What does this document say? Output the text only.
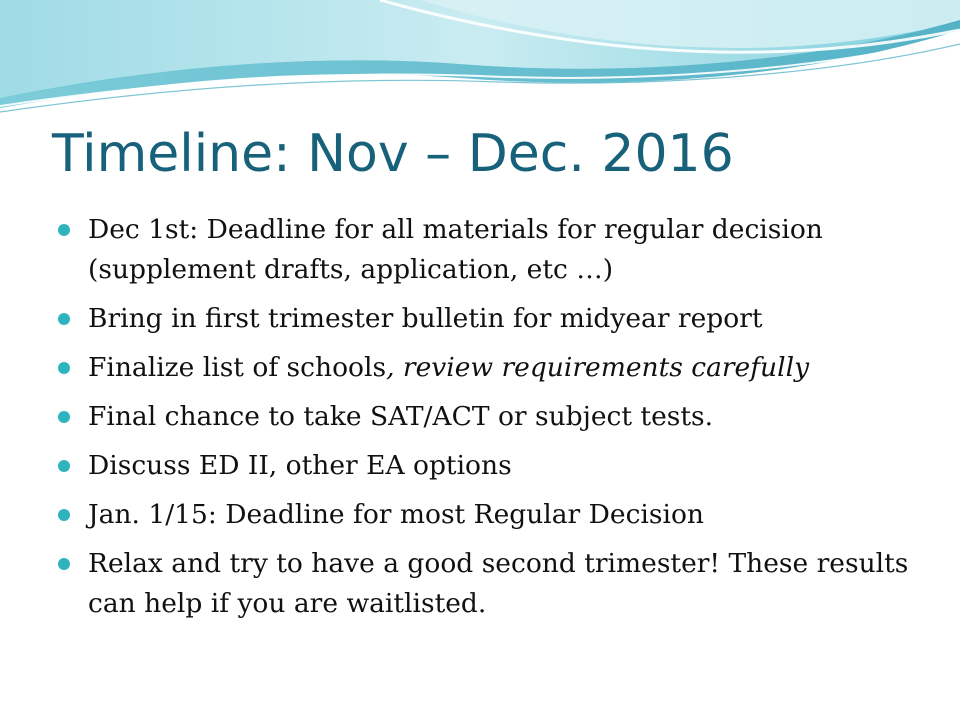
Timeline: Nov – Dec. 2016
Dec 1st: Deadline for all materials for regular decision (supplement drafts, application, etc …)
Bring in first trimester bulletin for midyear report
Finalize list of schools, review requirements carefully
Final chance to take SAT/ACT or subject tests.
Discuss ED II, other EA options
Jan. 1/15: Deadline for most Regular Decision
Relax and try to have a good second trimester! These results can help if you are waitlisted.
